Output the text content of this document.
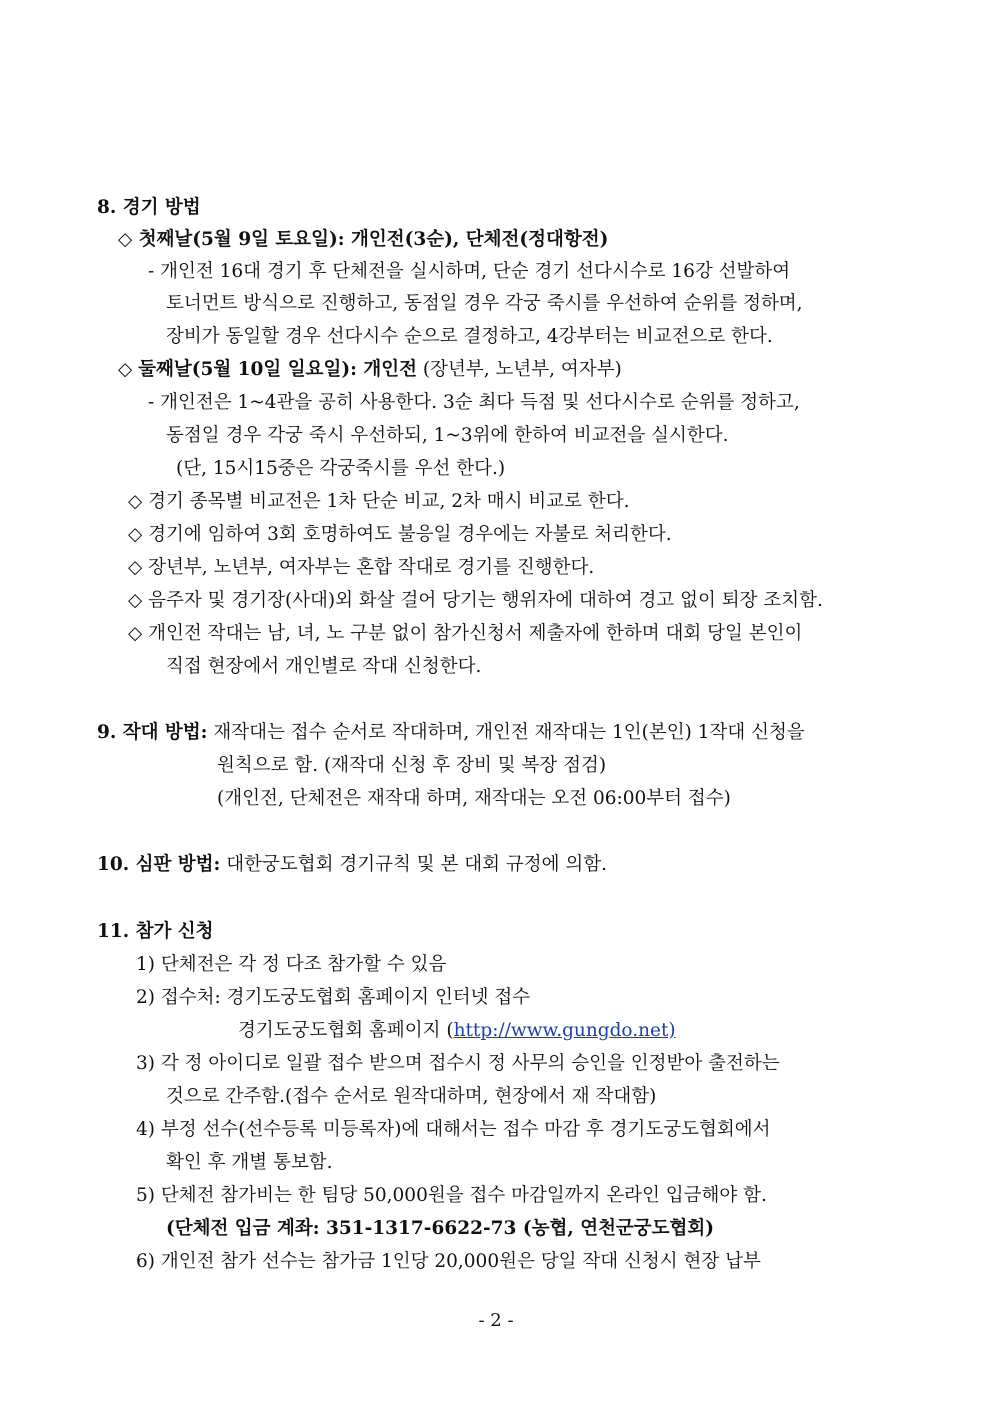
8. 경기 방법
◇ 첫째날(5월 9일 토요일): 개인전(3순), 단체전(정대항전)
- 개인전 16대 경기 후 단체전을 실시하며, 단순 경기 선다시수로 16강 선발하여
토너먼트 방식으로 진행하고, 동점일 경우 각궁 죽시를 우선하여 순위를 정하며,
장비가 동일할 경우 선다시수 순으로 결정하고, 4강부터는 비교전으로 한다.
◇ 둘째날(5월 10일 일요일): 개인전 (장년부, 노년부, 여자부)
- 개인전은 1~4관을 공히 사용한다. 3순 최다 득점 및 선다시수로 순위를 정하고,
동점일 경우 각궁 죽시 우선하되, 1~3위에 한하여 비교전을 실시한다.
(단, 15시15중은 각궁죽시를 우선 한다.)
◇ 경기 종목별 비교전은 1차 단순 비교, 2차 매시 비교로 한다.
◇ 경기에 임하여 3회 호명하여도 불응일 경우에는 자불로 처리한다.
◇ 장년부, 노년부, 여자부는 혼합 작대로 경기를 진행한다.
◇ 음주자 및 경기장(사대)외 화살 걸어 당기는 행위자에 대하여 경고 없이 퇴장 조치함.
◇ 개인전 작대는 남, 녀, 노 구분 없이 참가신청서 제출자에 한하며 대회 당일 본인이
직접 현장에서 개인별로 작대 신청한다.
9. 작대 방법: 재작대는 접수 순서로 작대하며, 개인전 재작대는 1인(본인) 1작대 신청을
원칙으로 함. (재작대 신청 후 장비 및 복장 점검)
(개인전, 단체전은 재작대 하며, 재작대는 오전 06:00부터 접수)
10. 심판 방법: 대한궁도협회 경기규칙 및 본 대회 규정에 의함.
11. 참가 신청
1) 단체전은 각 정 다조 참가할 수 있음
2) 접수처: 경기도궁도협회 홈페이지 인터넷 접수
경기도궁도협회 홈페이지 (http://www.gungdo.net)
3) 각 정 아이디로 일괄 접수 받으며 접수시 정 사무의 승인을 인정받아 출전하는
것으로 간주함.(접수 순서로 원작대하며, 현장에서 재 작대함)
4) 부정 선수(선수등록 미등록자)에 대해서는 접수 마감 후 경기도궁도협회에서
확인 후 개별 통보함.
5) 단체전 참가비는 한 팀당 50,000원을 접수 마감일까지 온라인 입금해야 함.
(단체전 입금 계좌: 351-1317-6622-73 (농협, 연천군궁도협회)
6) 개인전 참가 선수는 참가금 1인당 20,000원은 당일 작대 신청시 현장 납부
- 2 -
